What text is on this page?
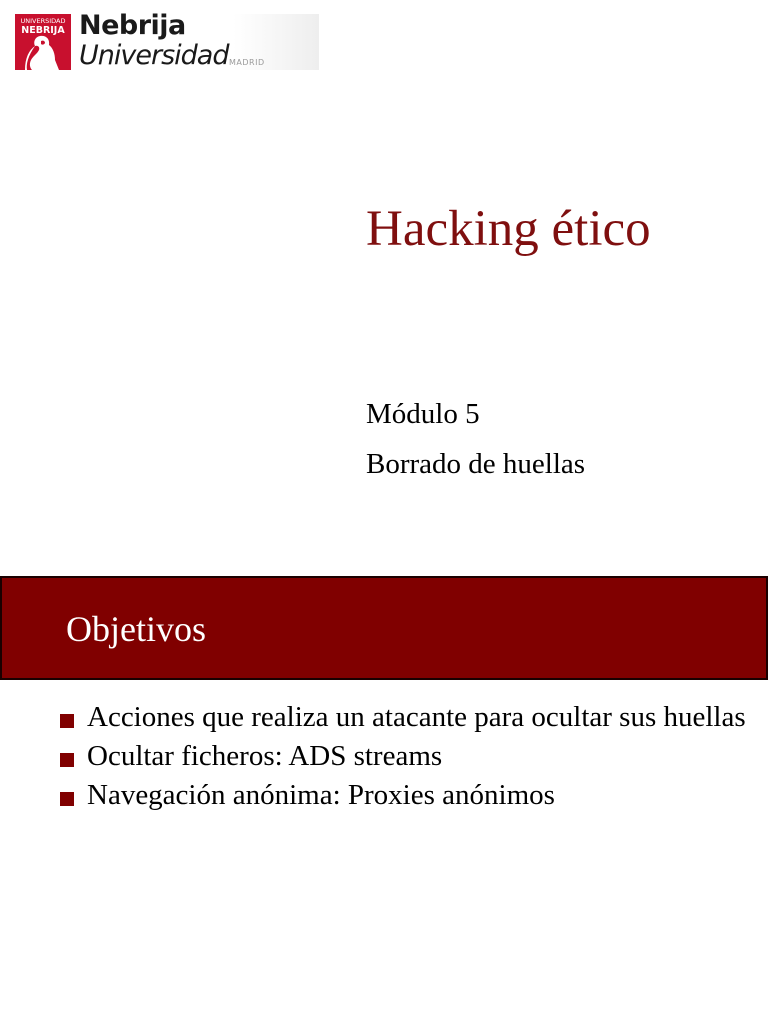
UNIVERSIDAD
NEBRIJA Nebrija
Universidad MADRID
Hacking ético

Módulo 5

Borrado de huellas

Objetivos
Acciones que realiza un atacante para ocultar sus huellas
Ocultar ficheros: ADS streams
Navegación anónima: Proxies anónimos
